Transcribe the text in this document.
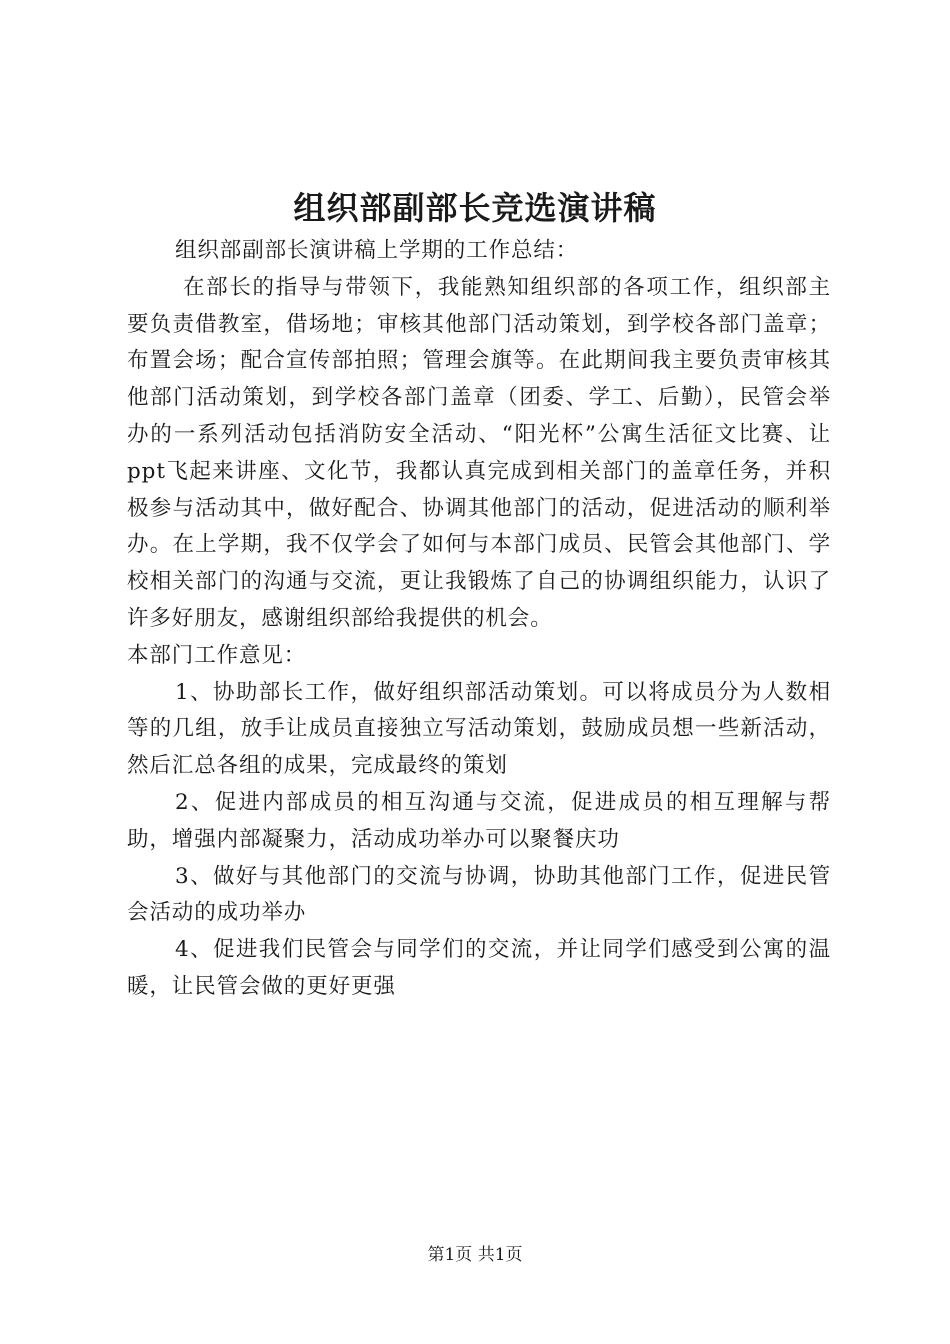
组织部副部长竞选演讲稿

组织部副部长演讲稿上学期的工作总结：

在部长的指导与带领下，我能熟知组织部的各项工作，组织部主要负责借教室，借场地；审核其他部门活动策划，到学校各部门盖章；布置会场；配合宣传部拍照；管理会旗等。在此期间我主要负责审核其他部门活动策划，到学校各部门盖章（团委、学工、后勤），民管会举办的一系列活动包括消防安全活动、“阳光杯”公寓生活征文比赛、让ppt飞起来讲座、文化节，我都认真完成到相关部门的盖章任务，并积极参与活动其中，做好配合、协调其他部门的活动，促进活动的顺利举办。在上学期，我不仅学会了如何与本部门成员、民管会其他部门、学校相关部门的沟通与交流，更让我锻炼了自己的协调组织能力，认识了许多好朋友，感谢组织部给我提供的机会。

本部门工作意见：

1、协助部长工作，做好组织部活动策划。可以将成员分为人数相等的几组，放手让成员直接独立写活动策划，鼓励成员想一些新活动，然后汇总各组的成果，完成最终的策划

2、促进内部成员的相互沟通与交流，促进成员的相互理解与帮助，增强内部凝聚力，活动成功举办可以聚餐庆功

3、做好与其他部门的交流与协调，协助其他部门工作，促进民管会活动的成功举办

4、促进我们民管会与同学们的交流，并让同学们感受到公寓的温暖，让民管会做的更好更强

第1页 共1页
